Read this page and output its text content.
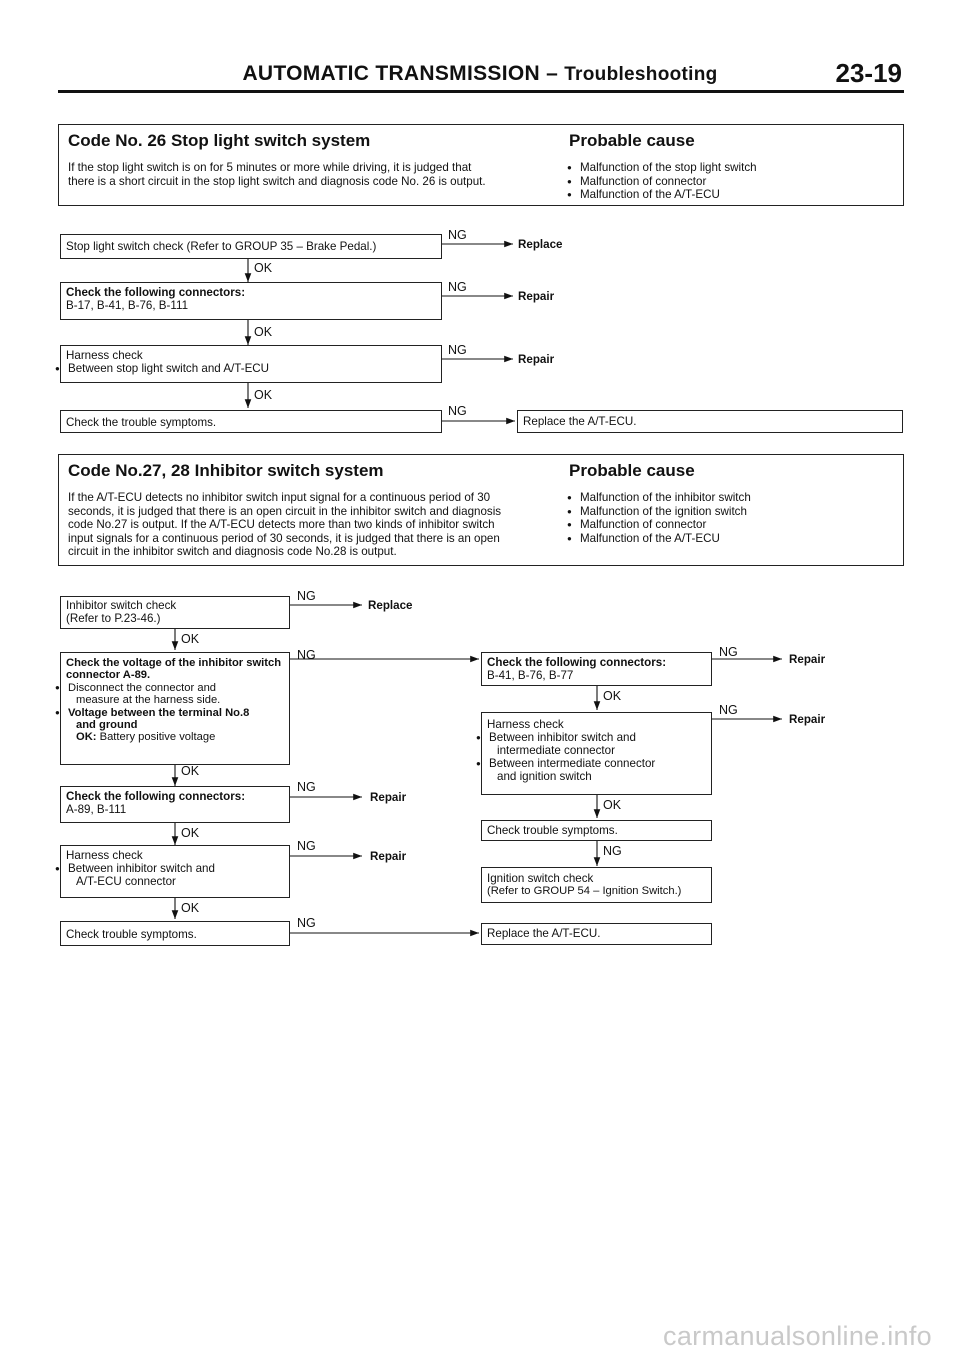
AUTOMATIC TRANSMISSION – Troubleshooting	23-19
Code No. 26 Stop light switch system	Probable cause
If the stop light switch is on for 5 minutes or more while driving, it is judged that
there is a short circuit in the stop light switch and diagnosis code No. 26 is output.
● Malfunction of the stop light switch
● Malfunction of connector
● Malfunction of the A/T-ECU
Code No.27, 28 Inhibitor switch system	Probable cause
If the A/T-ECU detects no inhibitor switch input signal for a continuous period of 30
seconds, it is judged that there is an open circuit in the inhibitor switch and diagnosis
code No.27 is output. If the A/T-ECU detects more than two kinds of inhibitor switch
input signals for a continuous period of 30 seconds, it is judged that there is an open
circuit in the inhibitor switch and diagnosis code No.28 is output.
● Malfunction of the inhibitor switch
● Malfunction of the ignition switch
● Malfunction of connector
● Malfunction of the A/T-ECU
Stop light switch check (Refer to GROUP 35 – Brake Pedal.)
NG
Replace
OK
Check the following connectors:
B-17, B-41, B-76, B-111
NG
Repair
OK
Harness check
● Between stop light switch and A/T-ECU
NG
Repair
OK
Check the trouble symptoms.
NG
Replace the A/T-ECU.
Inhibitor switch check
(Refer to P.23-46.)
NG
Replace
OK
Check the voltage of the inhibitor switch
connector A-89.
● Disconnect the connector and
measure at the harness side.
● Voltage between the terminal No.8
and ground
OK: Battery positive voltage
NG
OK
Check the following connectors:
A-89, B-111
NG
Repair
OK
Harness check
● Between inhibitor switch and
A/T-ECU connector
NG
Repair
OK
Check trouble symptoms.
NG
Check the following connectors:
B-41, B-76, B-77
NG
Repair
OK
Harness check
● Between inhibitor switch and
intermediate connector
● Between intermediate connector
and ignition switch
NG
Repair
OK
Check trouble symptoms.
NG
Ignition switch check
(Refer to GROUP 54 – Ignition Switch.)
Replace the A/T-ECU.
carmanualsonline.info
